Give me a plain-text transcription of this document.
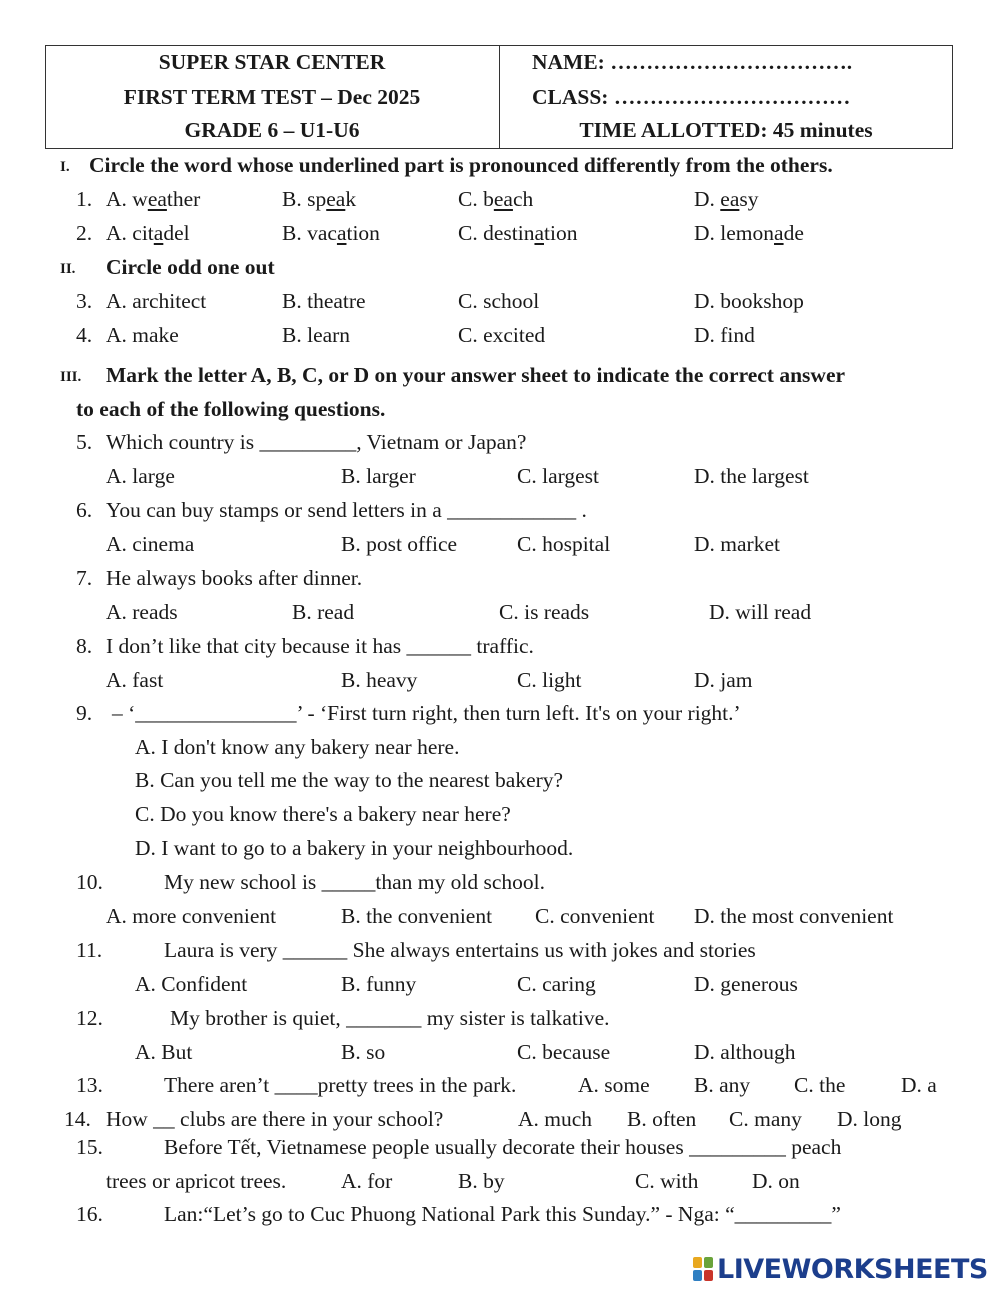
SUPER STAR CENTER
FIRST TERM TEST – Dec 2025
GRADE 6 – U1-U6
NAME: …………………………….
CLASS: ……………………………
TIME ALLOTTED: 45 minutes
I. Circle the word whose underlined part is pronounced differently from the others.
1. A. weather	B. speak	C. beach	D. easy
2. A. citadel	B. vacation	C. destination	D. lemonade
II. Circle odd one out
3. A. architect	B. theatre	C. school	D. bookshop
4. A. make	B. learn	C. excited	D. find
III. Mark the letter A, B, C, or D on your answer sheet to indicate the correct answer
to each of the following questions.
5. Which country is _________, Vietnam or Japan?
A. large	B. larger	C. largest	D. the largest
6. You can buy stamps or send letters in a ____________ .
A. cinema	B. post office	C. hospital	D. market
7. He always books after dinner.
A. reads	B. read	C. is reads	D. will read
8. I don’t like that city because it has ______ traffic.
A. fast	B. heavy	C. light	D. jam
9. – ‘_______________’ - ‘First turn right, then turn left. It's on your right.’
A. I don't know any bakery near here.
B. Can you tell me the way to the nearest bakery?
C. Do you know there's a bakery near here?
D. I want to go to a bakery in your neighbourhood.
10.	My new school is _____than my old school.
A. more convenient	B. the convenient C. convenient D. the most convenient
11.	Laura is very ______ She always entertains us with jokes and stories
A. Confident	B. funny	C. caring	D. generous
12.	My brother is quiet, _______ my sister is talkative.
A. But	B. so	C. because	D. although
13.	There aren’t ____pretty trees in the park.	A. some B. any C. the	D. a
14. How __ clubs are there in your school?	A. much B. often C. many D. long
15.	Before Tết, Vietnamese people usually decorate their houses _________ peach
trees or apricot trees.	A. for	B. by	C. with D. on
16.	Lan:“Let’s go to Cuc Phuong National Park this Sunday.” - Nga: “_________”
LIVEWORKSHEETS
